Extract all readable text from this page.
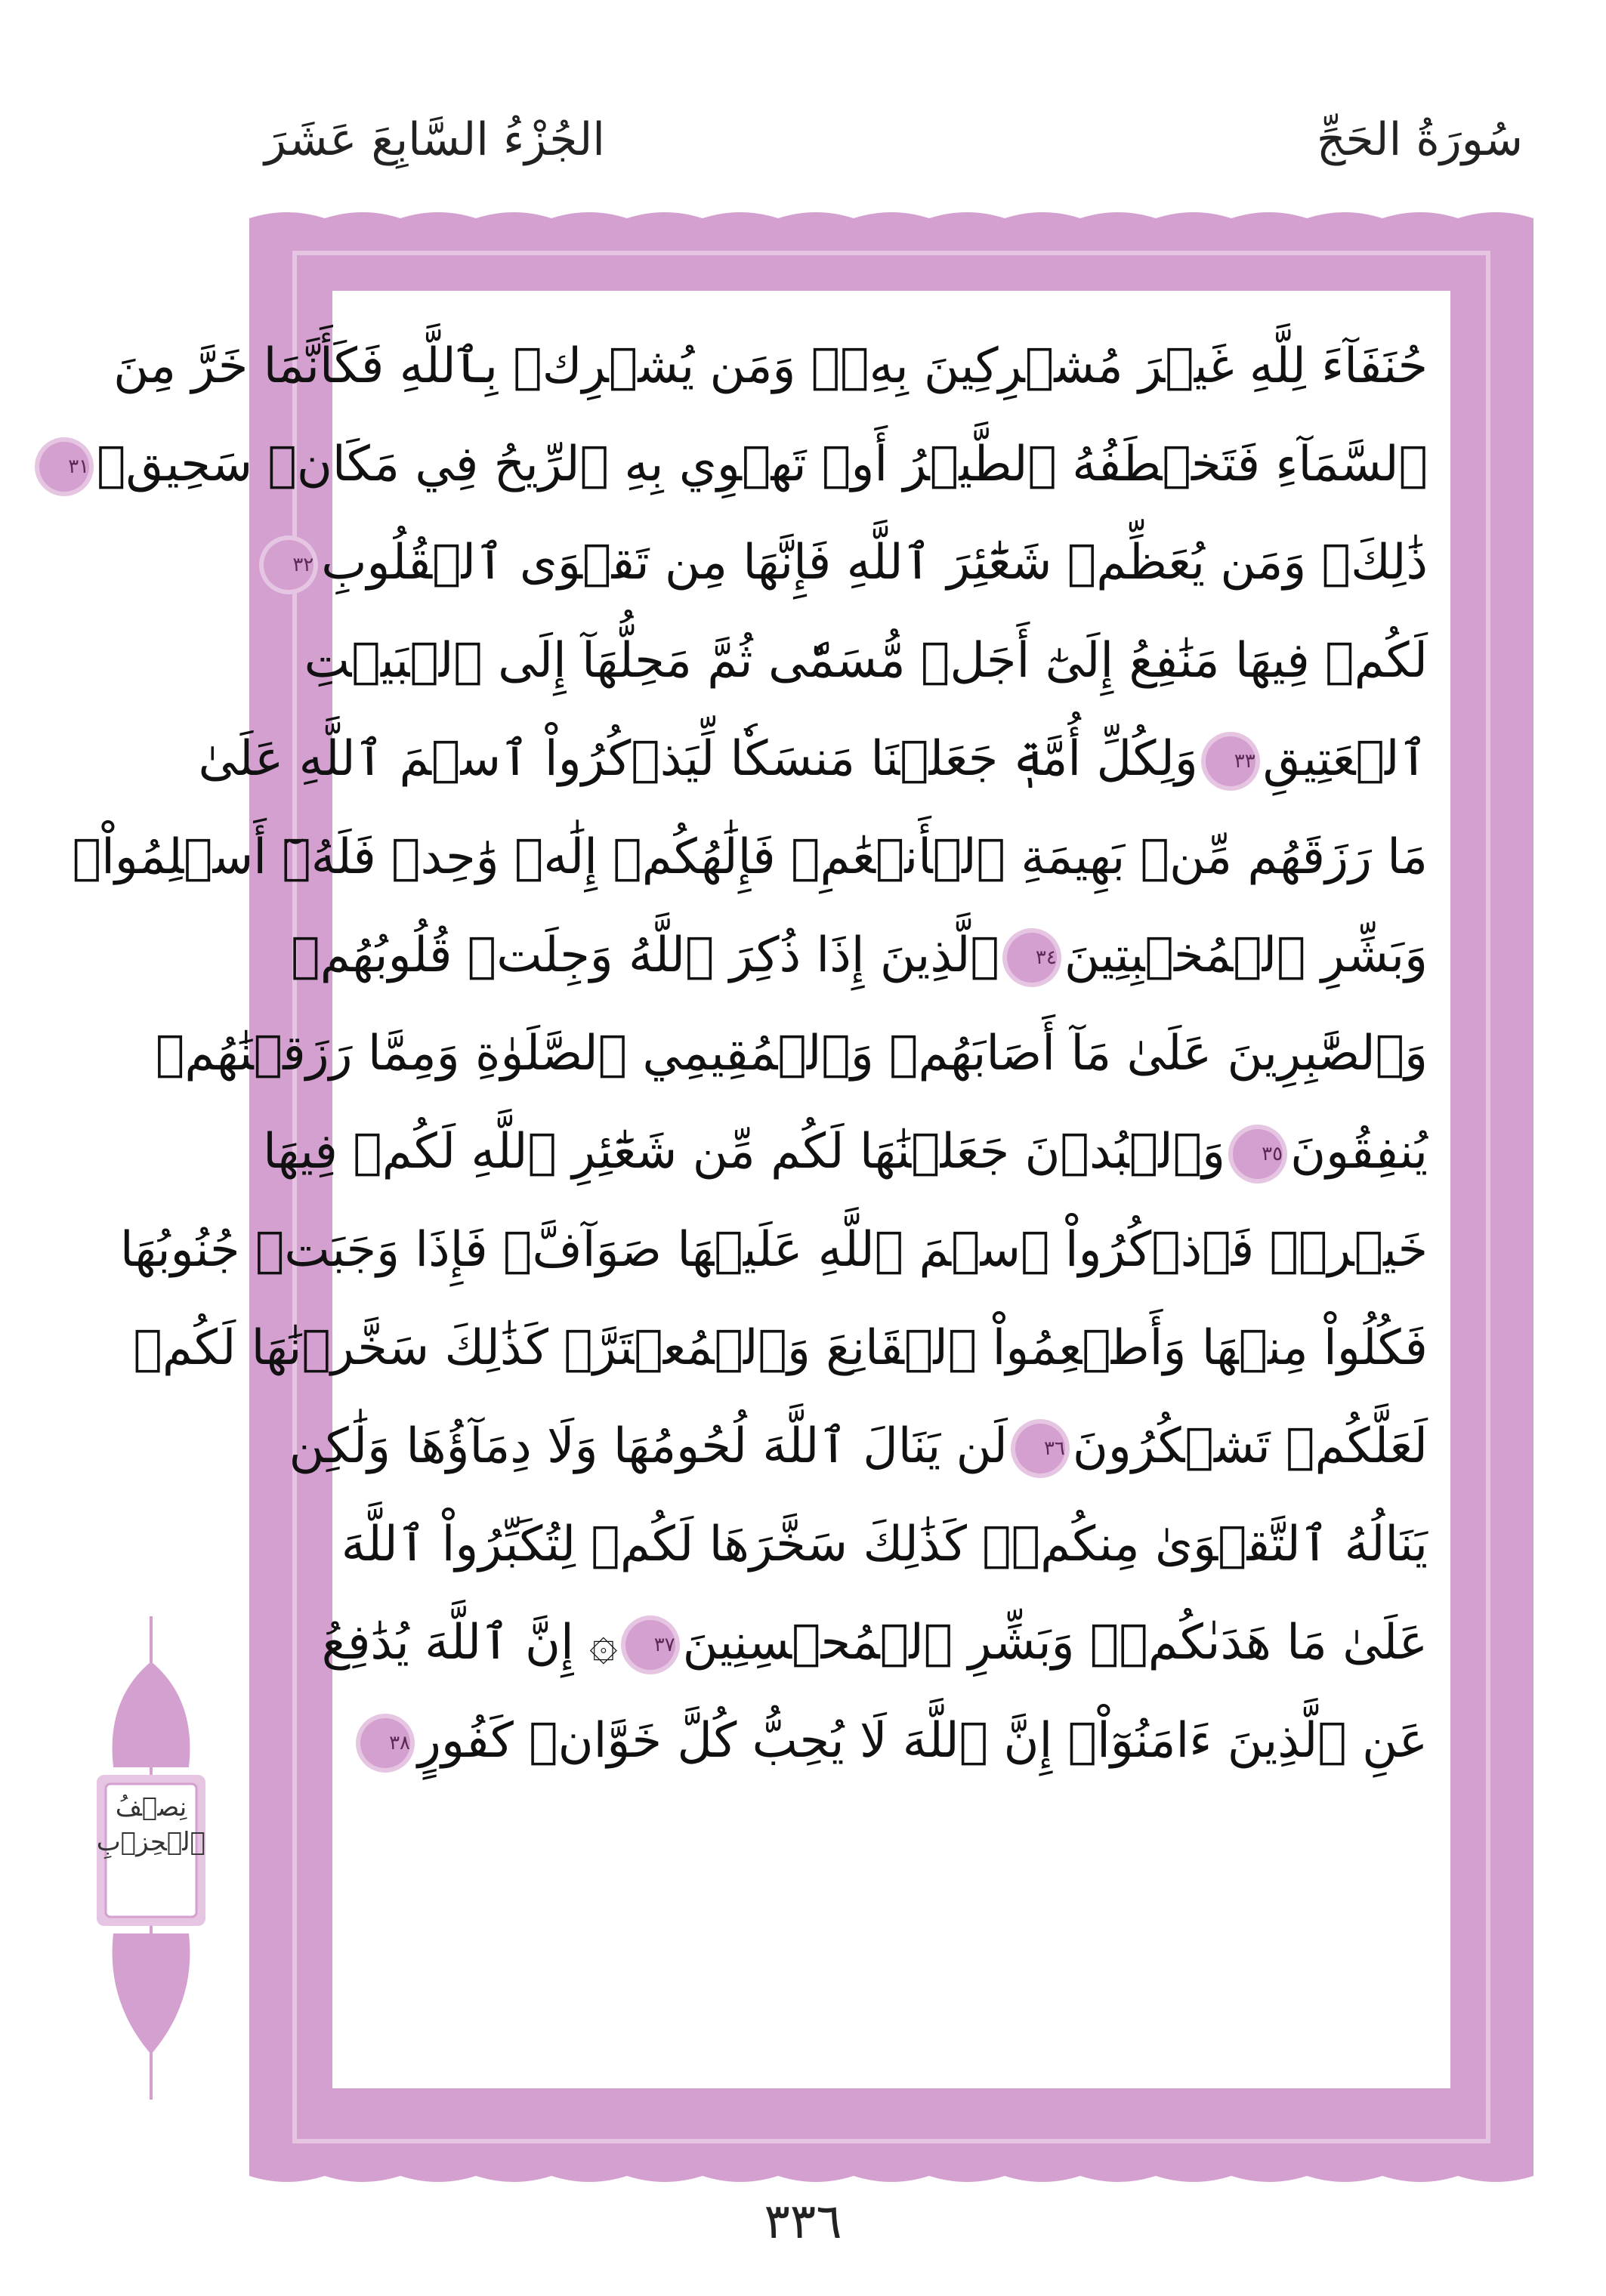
الجُزْءُ السَّابِعَ عَشَرَ	سُورَةُ الحَجِّ
حُنَفَآءَ لِلَّهِ غَيۡرَ مُشۡرِكِينَ بِهِۦۚ وَمَن يُشۡرِكۡ بِٱللَّهِ فَكَأَنَّمَا خَرَّ مِنَ
ٱلسَّمَآءِ فَتَخۡطَفُهُ ٱلطَّيۡرُ أَوۡ تَهۡوِي بِهِ ٱلرِّيحُ فِي مَكَانٖ سَحِيقٖ٣١
ذَٰلِكَۖ وَمَن يُعَظِّمۡ شَعَٰٓئِرَ ٱللَّهِ فَإِنَّهَا مِن تَقۡوَى ٱلۡقُلُوبِ٣٢
لَكُمۡ فِيهَا مَنَٰفِعُ إِلَىٰٓ أَجَلٖ مُّسَمّٗى ثُمَّ مَحِلُّهَآ إِلَى ٱلۡبَيۡتِ
ٱلۡعَتِيقِ٣٣وَلِكُلِّ أُمَّةٖ جَعَلۡنَا مَنسَكٗا لِّيَذۡكُرُواْ ٱسۡمَ ٱللَّهِ عَلَىٰ
مَا رَزَقَهُم مِّنۢ بَهِيمَةِ ٱلۡأَنۡعَٰمِۗ فَإِلَٰهُكُمۡ إِلَٰهٞ وَٰحِدٞ فَلَهُۥٓ أَسۡلِمُواْۗ
وَبَشِّرِ ٱلۡمُخۡبِتِينَ٣٤ٱلَّذِينَ إِذَا ذُكِرَ ٱللَّهُ وَجِلَتۡ قُلُوبُهُمۡ
وَٱلصَّٰبِرِينَ عَلَىٰ مَآ أَصَابَهُمۡ وَٱلۡمُقِيمِي ٱلصَّلَوٰةِ وَمِمَّا رَزَقۡنَٰهُمۡ
يُنفِقُونَ٣٥وَٱلۡبُدۡنَ جَعَلۡنَٰهَا لَكُم مِّن شَعَٰٓئِرِ ٱللَّهِ لَكُمۡ فِيهَا
خَيۡرٞۖ فَٱذۡكُرُواْ ٱسۡمَ ٱللَّهِ عَلَيۡهَا صَوَآفَّۖ فَإِذَا وَجَبَتۡ جُنُوبُهَا
فَكُلُواْ مِنۡهَا وَأَطۡعِمُواْ ٱلۡقَانِعَ وَٱلۡمُعۡتَرَّۚ كَذَٰلِكَ سَخَّرۡنَٰهَا لَكُمۡ
لَعَلَّكُمۡ تَشۡكُرُونَ٣٦لَن يَنَالَ ٱللَّهَ لُحُومُهَا وَلَا دِمَآؤُهَا وَلَٰكِن
يَنَالُهُ ٱلتَّقۡوَىٰ مِنكُمۡۚ كَذَٰلِكَ سَخَّرَهَا لَكُمۡ لِتُكَبِّرُواْ ٱللَّهَ
عَلَىٰ مَا هَدَىٰكُمۡۗ وَبَشِّرِ ٱلۡمُحۡسِنِينَ٣٧۞ إِنَّ ٱللَّهَ يُدَٰفِعُ
عَنِ ٱلَّذِينَ ءَامَنُوٓاْۗ إِنَّ ٱللَّهَ لَا يُحِبُّ كُلَّ خَوَّانٖ كَفُورٍ٣٨
نِصۡفُ
ٱلۡحِزۡبِ
٣٣٦
